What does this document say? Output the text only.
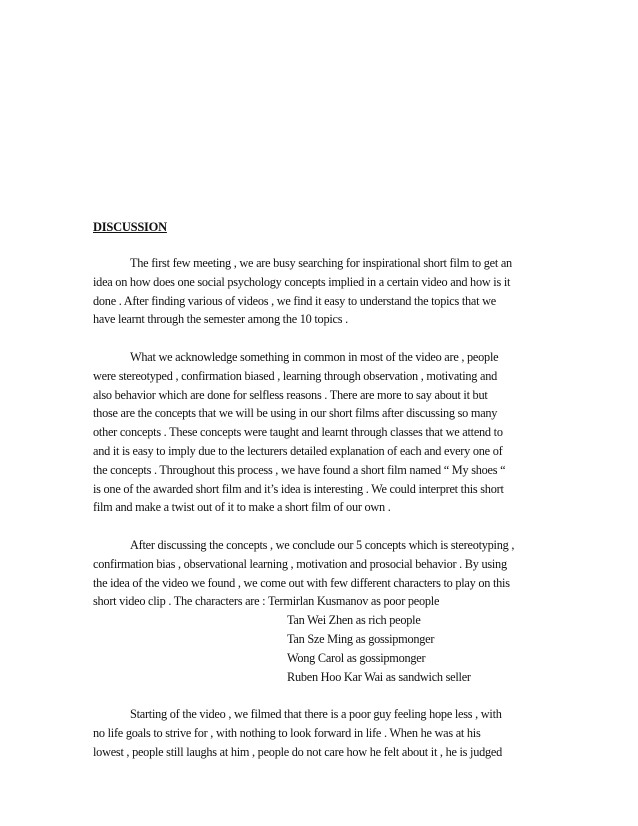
DISCUSSION
The first few meeting , we are busy searching for inspirational short film to get an
idea on how does one social psychology concepts implied in a certain video and how is it
done . After finding various of videos , we find it easy to understand the topics that we
have learnt through the semester among the 10 topics .
What we acknowledge something in common in most of the video are , people
were stereotyped , confirmation biased , learning through observation , motivating and
also behavior which are done for selfless reasons . There are more to say about it but
those are the concepts that we will be using in our short films after discussing so many
other concepts . These concepts were taught and learnt through classes that we attend to
and it is easy to imply due to the lecturers detailed explanation of each and every one of
the concepts . Throughout this process , we have found a short film named “ My shoes “
is one of the awarded short film and it’s idea is interesting . We could interpret this short
film and make a twist out of it to make a short film of our own .
After discussing the concepts , we conclude our 5 concepts which is stereotyping ,
confirmation bias , observational learning , motivation and prosocial behavior . By using
the idea of the video we found , we come out with few different characters to play on this
short video clip . The characters are : Termirlan Kusmanov as poor people
Tan Wei Zhen as rich people
Tan Sze Ming as gossipmonger
Wong Carol as gossipmonger
Ruben Hoo Kar Wai as sandwich seller
Starting of the video , we filmed that there is a poor guy feeling hope less , with
no life goals to strive for , with nothing to look forward in life . When he was at his
lowest , people still laughs at him , people do not care how he felt about it , he is judged
